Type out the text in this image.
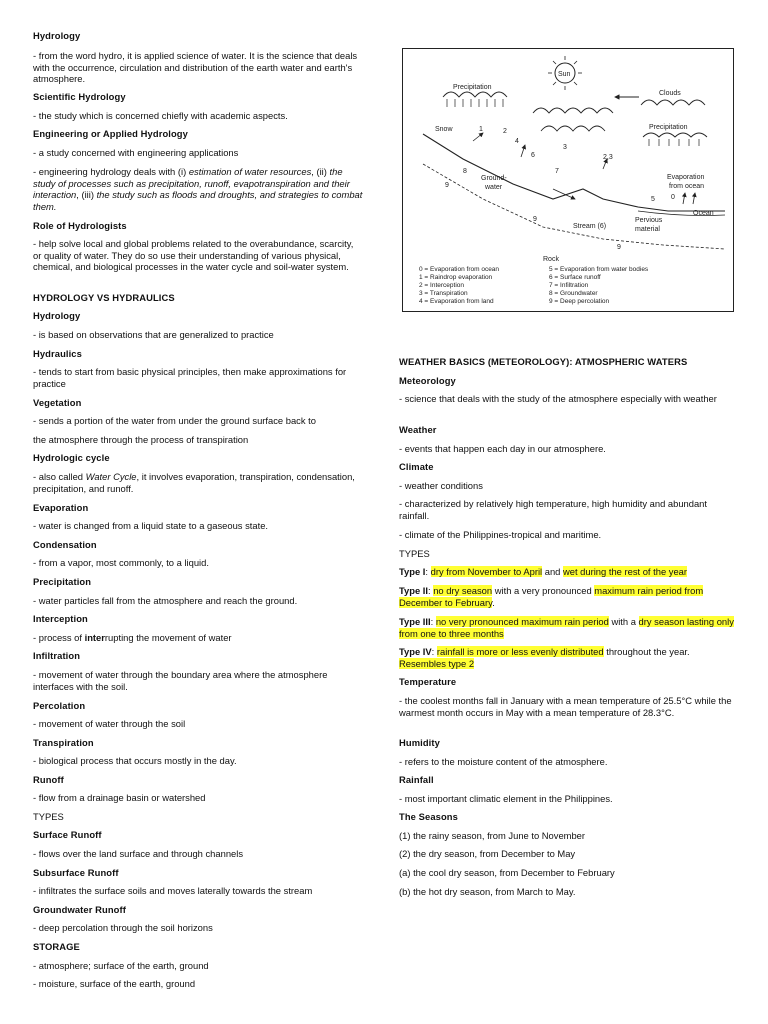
Hydrology
- from the word hydro, it is applied science of water. It is the science that deals with the occurrence, circulation and distribution of the earth water and earth's atmosphere.
Scientific Hydrology
- the study which is concerned chiefly with academic aspects.
Engineering or Applied Hydrology
- a study concerned with engineering applications
- engineering hydrology deals with (i) estimation of water resources, (ii) the study of processes such as precipitation, runoff, evapotranspiration and their interaction, (iii) the study such as floods and droughts, and strategies to combat them.
Role of Hydrologists
- help solve local and global problems related to the overabundance, scarcity, or quality of water. They do so use their understanding of various physical, chemical, and biological processes in the water cycle and soil-water system.
HYDROLOGY VS HYDRAULICS
Hydrology
- is based on observations that are generalized to practice
Hydraulics
- tends to start from basic physical principles, then make approximations for practice
Vegetation
- sends a portion of the water from under the ground surface back to
the atmosphere through the process of transpiration
Hydrologic cycle
- also called Water Cycle, it involves evaporation, transpiration, condensation, precipitation, and runoff.
Evaporation
- water is changed from a liquid state to a gaseous state.
Condensation
- from a vapor, most commonly, to a liquid.
Precipitation
- water particles fall from the atmosphere and reach the ground.
Interception
- process of interrupting the movement of water
Infiltration
- movement of water through the boundary area where the atmosphere interfaces with the soil.
Percolation
- movement of water through the soil
Transpiration
- biological process that occurs mostly in the day.
Runoff
- flow from a drainage basin or watershed
TYPES
Surface Runoff
- flows over the land surface and through channels
Subsurface Runoff
- infiltrates the surface soils and moves laterally towards the stream
Groundwater Runoff
- deep percolation through the soil horizons
STORAGE
- atmosphere; surface of the earth, ground
- moisture, surface of the earth, ground
Sun
Precipitation
Clouds
Precipitation
Snow
Ground-
water
Evaporation
from ocean
Ocean
Stream (6)
Pervious
material
Rock
1	2
3
4
6
7
8
9
9
9
2,3
0
5
0 = Evaporation from ocean
1 = Raindrop evaporation
2 = Interception
3 = Transpiration
4 = Evaporation from land
5 = Evaporation from water bodies
6 = Surface runoff
7 = Infiltration
8 = Groundwater
9 = Deep percolation
WEATHER BASICS (METEOROLOGY): ATMOSPHERIC WATERS
Meteorology
- science that deals with the study of the atmosphere especially with weather
Weather
- events that happen each day in our atmosphere.
Climate
- weather conditions
- characterized by relatively high temperature, high humidity and abundant rainfall.
- climate of the Philippines-tropical and maritime.
TYPES
Type I: dry from November to April and wet during the rest of the year
Type II: no dry season with a very pronounced maximum rain period from December to February.
Type III: no very pronounced maximum rain period with a dry season lasting only from one to three months
Type IV: rainfall is more or less evenly distributed throughout the year. Resembles type 2
Temperature
- the coolest months fall in January with a mean temperature of 25.5°C while the warmest month occurs in May with a mean temperature of 28.3°C.
Humidity
- refers to the moisture content of the atmosphere.
Rainfall
- most important climatic element in the Philippines.
The Seasons
(1) the rainy season, from June to November
(2) the dry season, from December to May
(a) the cool dry season, from December to February
(b) the hot dry season, from March to May.
